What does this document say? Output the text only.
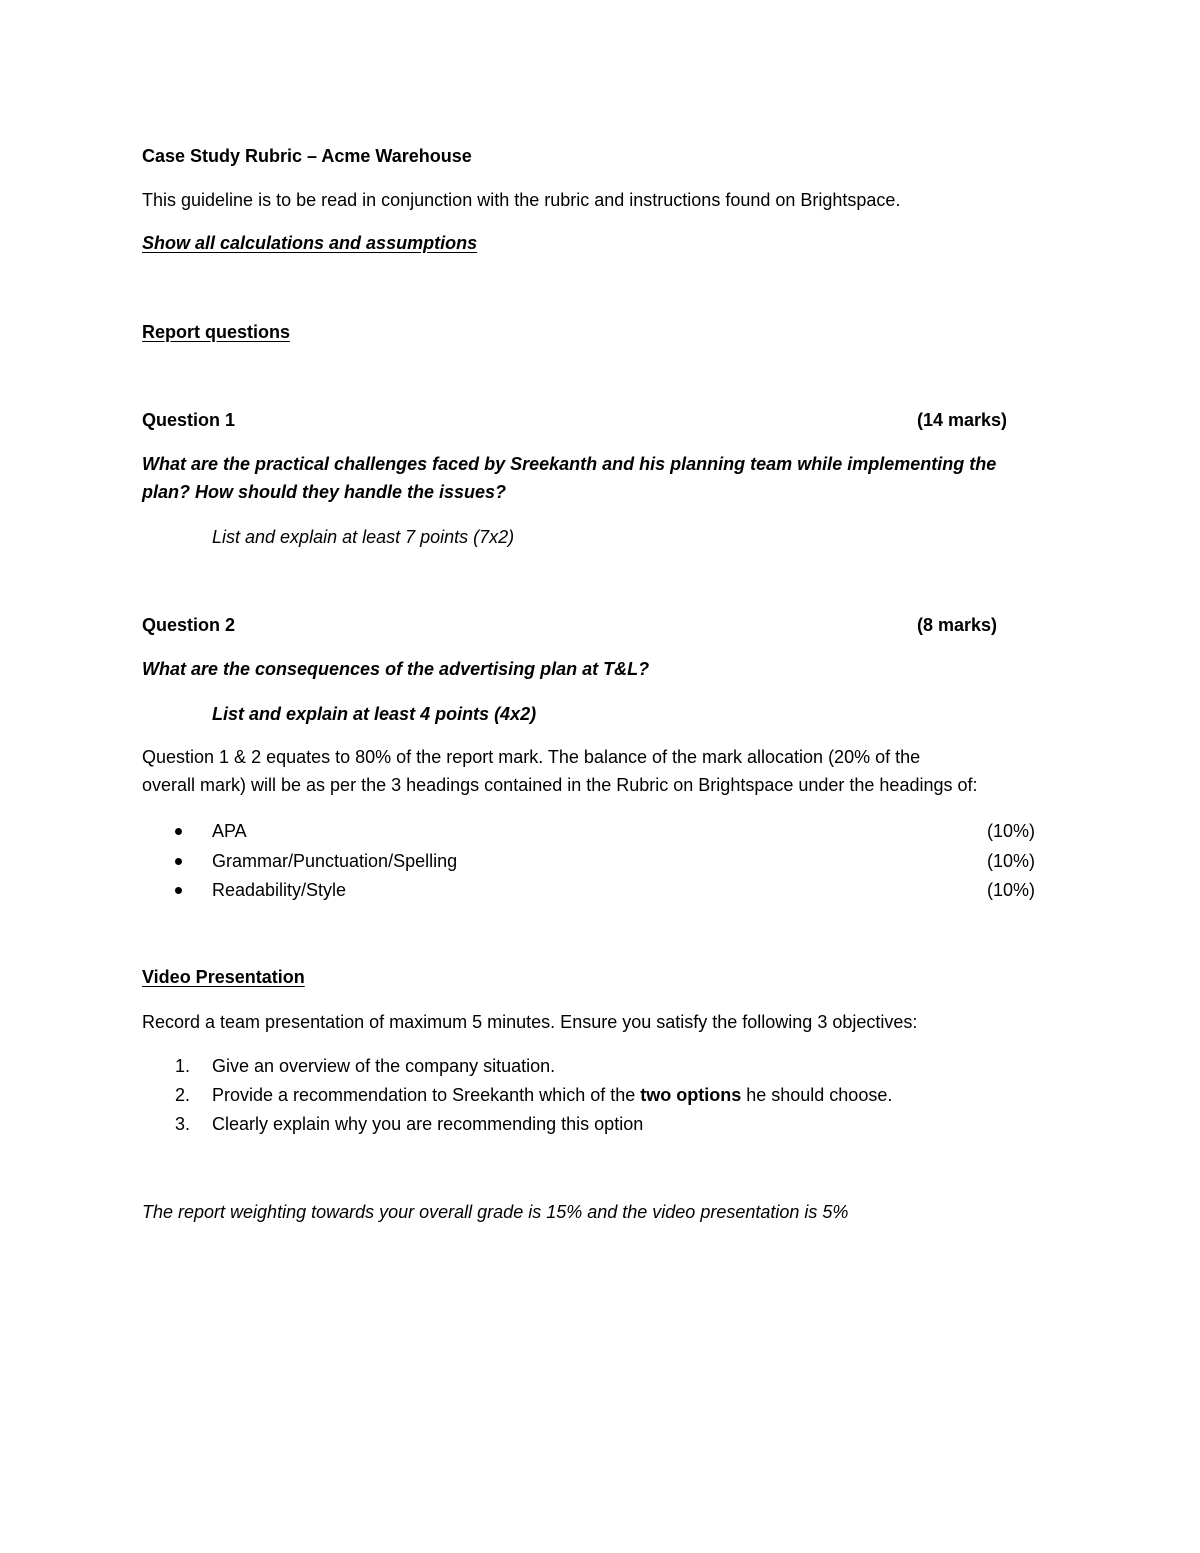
Case Study Rubric – Acme Warehouse
This guideline is to be read in conjunction with the rubric and instructions found on Brightspace.
Show all calculations and assumptions
Report questions
Question 1	(14 marks)
What are the practical challenges faced by Sreekanth and his planning team while implementing the
plan? How should they handle the issues?
List and explain at least 7 points (7x2)
Question 2	(8 marks)
What are the consequences of the advertising plan at T&L?
List and explain at least 4 points (4x2)
Question 1 & 2 equates to 80% of the report mark. The balance of the mark allocation (20% of the
overall mark) will be as per the 3 headings contained in the Rubric on Brightspace under the headings of:
APA	(10%)
Grammar/Punctuation/Spelling	(10%)
Readability/Style	(10%)
Video Presentation
Record a team presentation of maximum 5 minutes. Ensure you satisfy the following 3 objectives:
1. Give an overview of the company situation.
2. Provide a recommendation to Sreekanth which of the two options he should choose.
3. Clearly explain why you are recommending this option
The report weighting towards your overall grade is 15% and the video presentation is 5%
